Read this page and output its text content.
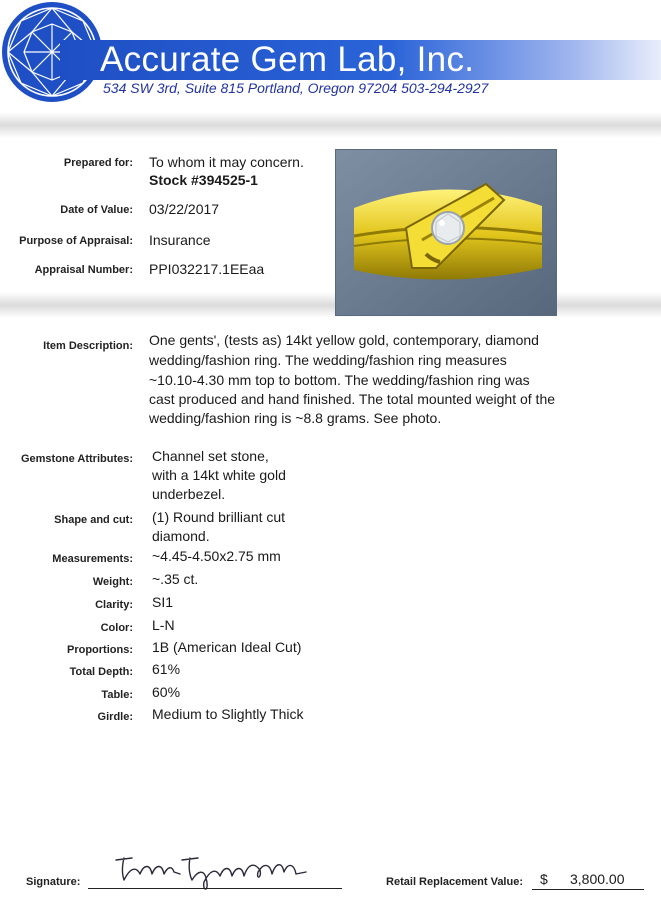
Accurate Gem Lab, Inc.
534 SW 3rd, Suite 815 Portland, Oregon 97204 503-294-2927
Prepared for: To whom it may concern.
Stock #394525-1
Date of Value: 03/22/2017
Purpose of Appraisal: Insurance
Appraisal Number: PPI032217.1EEaa
Item Description: One gents', (tests as) 14kt yellow gold, contemporary, diamond
wedding/fashion ring. The wedding/fashion ring measures
~10.10-4.30 mm top to bottom. The wedding/fashion ring was
cast produced and hand finished. The total mounted weight of the
wedding/fashion ring is ~8.8 grams. See photo.
Gemstone Attributes: Channel set stone,
with a 14kt white gold
underbezel.
Shape and cut: (1) Round brilliant cut
diamond.
Measurements: ~4.45-4.50x2.75 mm
Weight: ~.35 ct.
Clarity: SI1
Color: L-N
Proportions: 1B (American Ideal Cut)
Total Depth: 61%
Table: 60%
Girdle: Medium to Slightly Thick
Signature:	Retail Replacement Value: $ 3,800.00
